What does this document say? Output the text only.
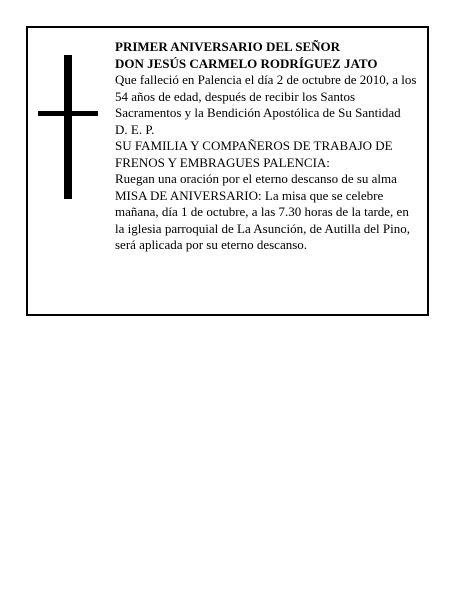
PRIMER ANIVERSARIO DEL SEÑOR

DON JESÚS CARMELO RODRÍGUEZ JATO

Que falleció en Palencia el día 2 de octubre de 2010, a los 54 años de edad, después de recibir los Santos Sacramentos y la Bendición Apostólica de Su Santidad

D. E. P.

SU FAMILIA Y COMPAÑEROS DE TRABAJO DE FRENOS Y EMBRAGUES PALENCIA:

Ruegan una oración por el eterno descanso de su alma

MISA DE ANIVERSARIO: La misa que se celebre mañana, día 1 de octubre, a las 7.30 horas de la tarde, en la iglesia parroquial de La Asunción, de Autilla del Pino, será aplicada por su eterno descanso.
